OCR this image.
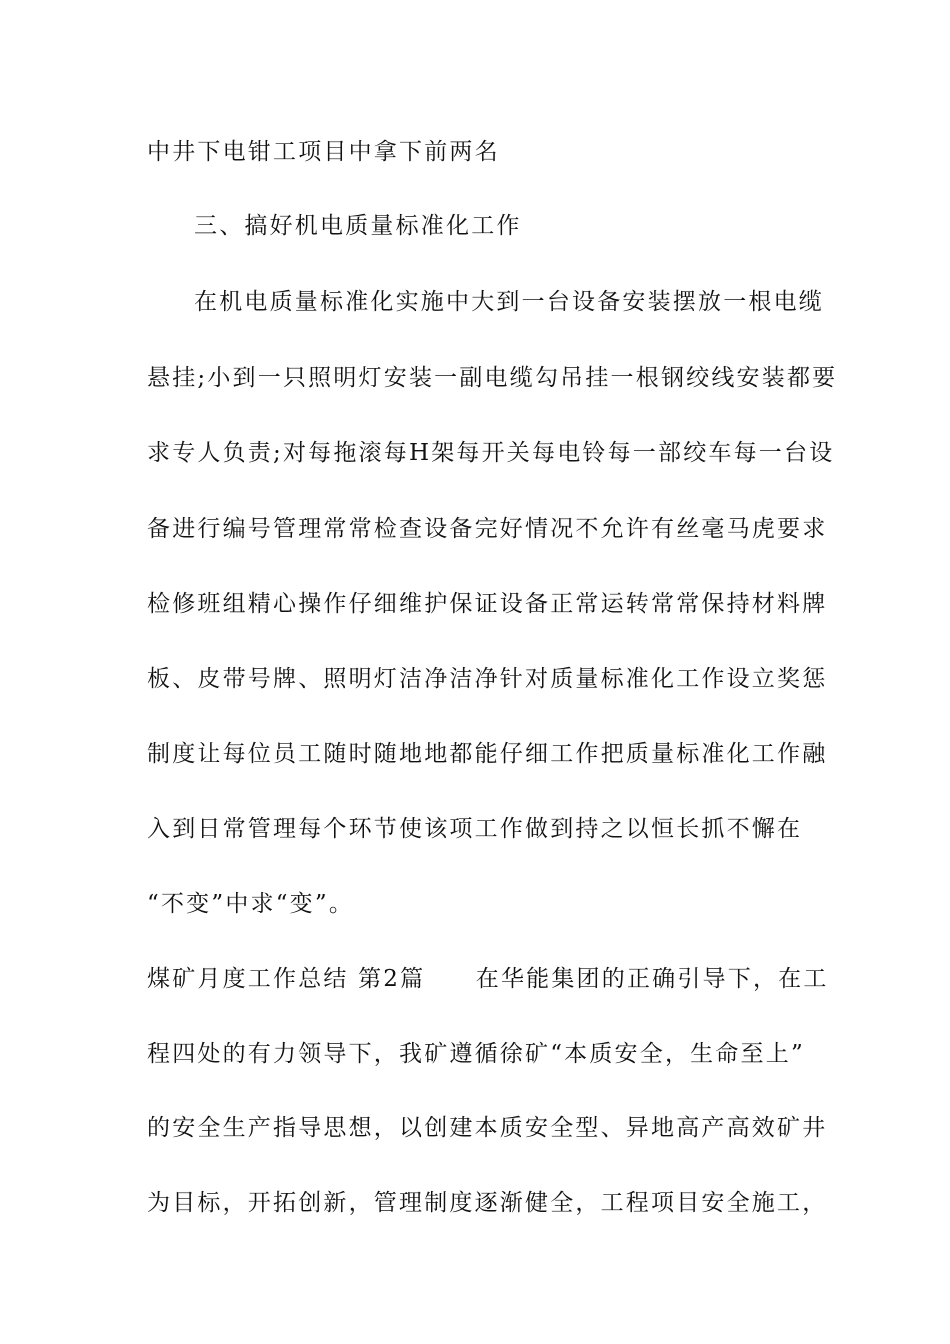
中井下电钳工项目中拿下前两名
三、搞好机电质量标准化工作
在机电质量标准化实施中大到一台设备安装摆放一根电缆
悬挂;小到一只照明灯安装一副电缆勾吊挂一根钢绞线安装都要
求专人负责;对每拖滚每H架每开关每电铃每一部绞车每一台设
备进行编号管理常常检查设备完好情况不允许有丝毫马虎要求
检修班组精心操作仔细维护保证设备正常运转常常保持材料牌
板、皮带号牌、照明灯洁净洁净针对质量标准化工作设立奖惩
制度让每位员工随时随地地都能仔细工作把质量标准化工作融
入到日常管理每个环节使该项工作做到持之以恒长抓不懈在
“不变”中求“变”。
煤矿月度工作总结 第2篇　　在华能集团的正确引导下，在工
程四处的有力领导下，我矿遵循徐矿“本质安全，生命至上”
的安全生产指导思想，以创建本质安全型、异地高产高效矿井
为目标，开拓创新，管理制度逐渐健全，工程项目安全施工，
